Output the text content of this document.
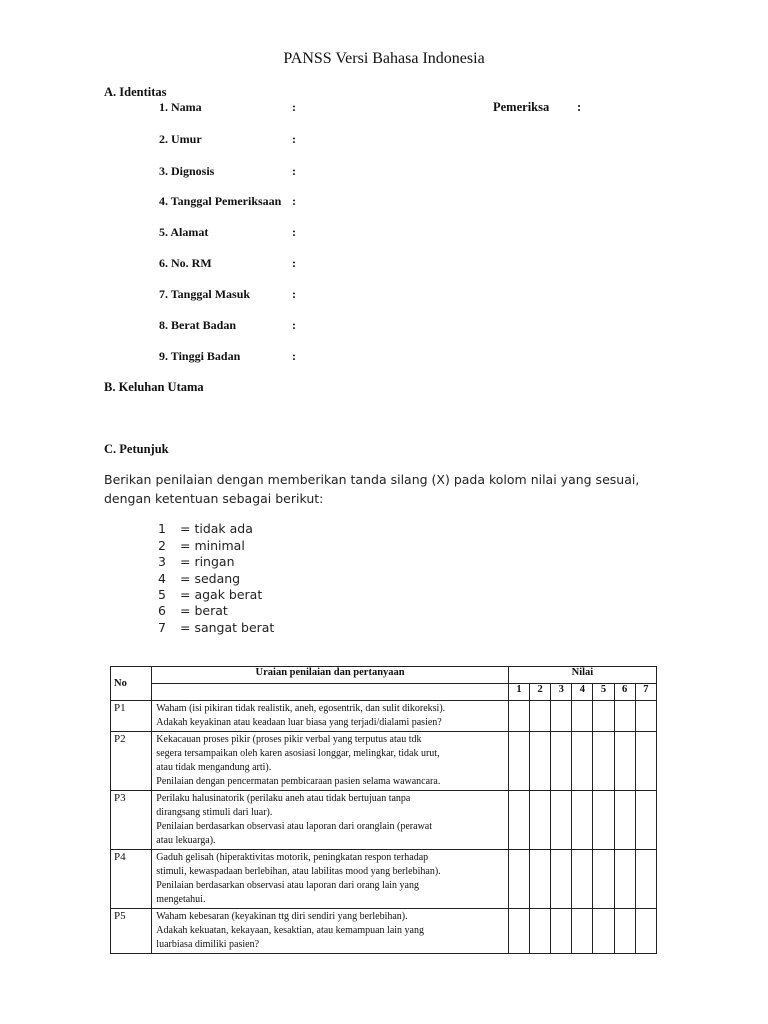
PANSS Versi Bahasa Indonesia
A. Identitas
1. Nama	:
2. Umur	:
3. Dignosis	:
4. Tanggal Pemeriksaan :
5. Alamat	:
6. No. RM	:
7. Tanggal Masuk	:
8. Berat Badan	:
9. Tinggi Badan	:
Pemeriksa :
B. Keluhan Utama
C. Petunjuk
Berikan penilaian dengan memberikan tanda silang (X) pada kolom nilai yang sesuai, dengan ketentuan sebagai berikut:
1 = tidak ada
2 = minimal
3 = ringan
4 = sedang
5 = agak berat
6 = berat
7 = sangat berat
No	Uraian penilaian dan pertanyaan	Nilai						
		1	2	3	4	5	6	7
P1	Waham (isi pikiran tidak realistik, aneh, egosentrik, dan sulit dikoreksi).
Adakah keyakinan atau keadaan luar biasa yang terjadi/dialami pasien?							

P2	Kekacauan proses pikir (proses pikir verbal yang terputus atau tdk
segera tersampaikan oleh karen asosiasi longgar, melingkar, tidak urut,
atau tidak mengandung arti).
Penilaian dengan pencermatan pembicaraan pasien selama wawancara.							

P3	Perilaku halusinatorik (perilaku aneh atau tidak bertujuan tanpa
dirangsang stimuli dari luar).
Penilaian berdasarkan observasi atau laporan dari oranglain (perawat
atau lekuarga).							

P4	Gaduh gelisah (hiperaktivitas motorik, peningkatan respon terhadap
stimuli, kewaspadaan berlebihan, atau labilitas mood yang berlebihan).
Penilaian berdasarkan observasi atau laporan dari orang lain yang
mengetahui.							

P5	Waham kebesaran (keyakinan ttg diri sendiri yang berlebihan).
Adakah kekuatan, kekayaan, kesaktian, atau kemampuan lain yang
luarbiasa dimiliki pasien?							
